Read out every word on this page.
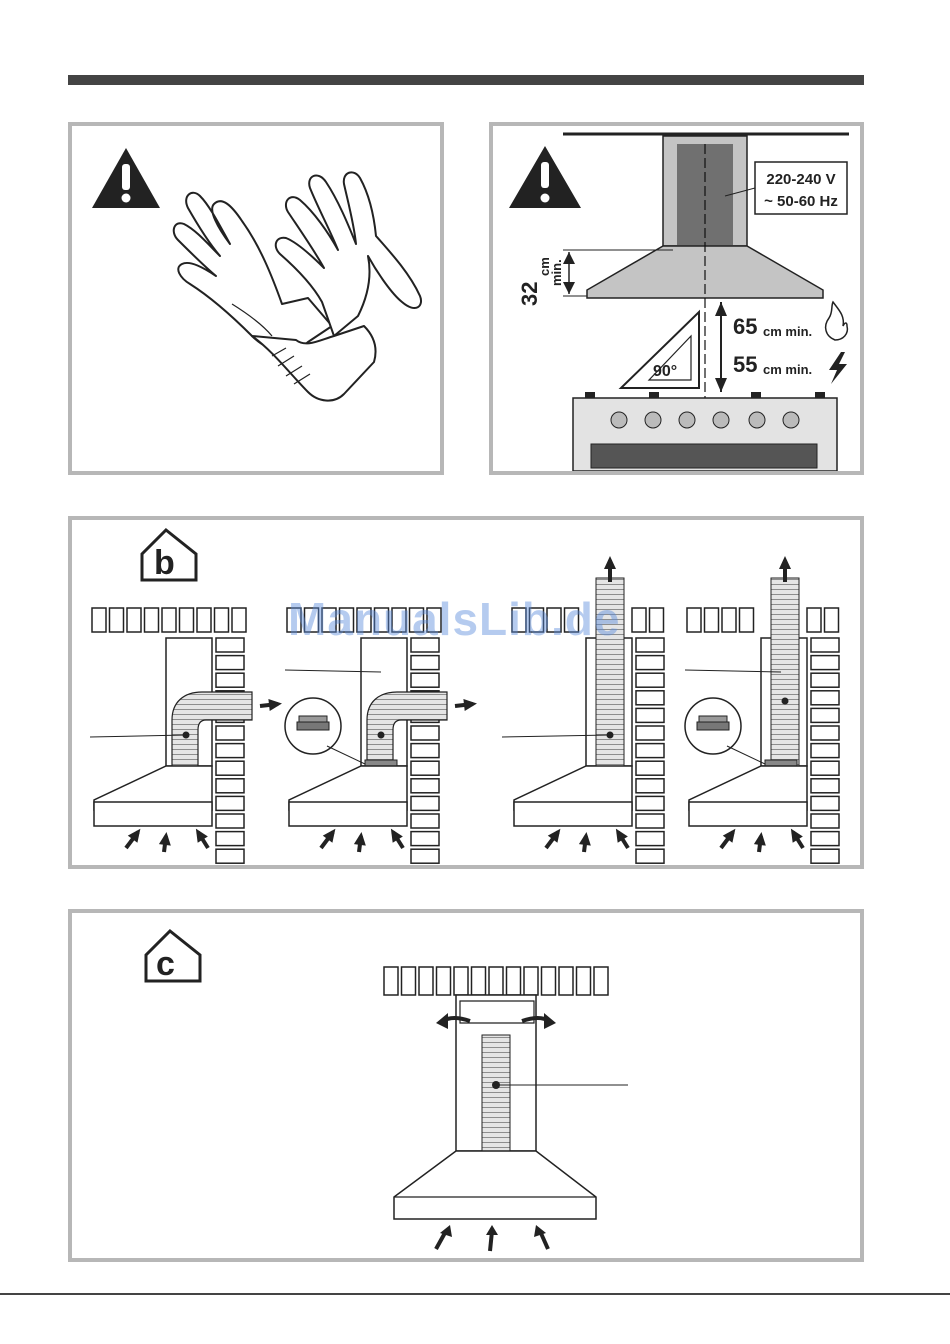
220-240 V
~ 50-60 Hz
32
cm
min.
65 cm min.
55 cm min.
90°
b
ManualsLib.de
c
